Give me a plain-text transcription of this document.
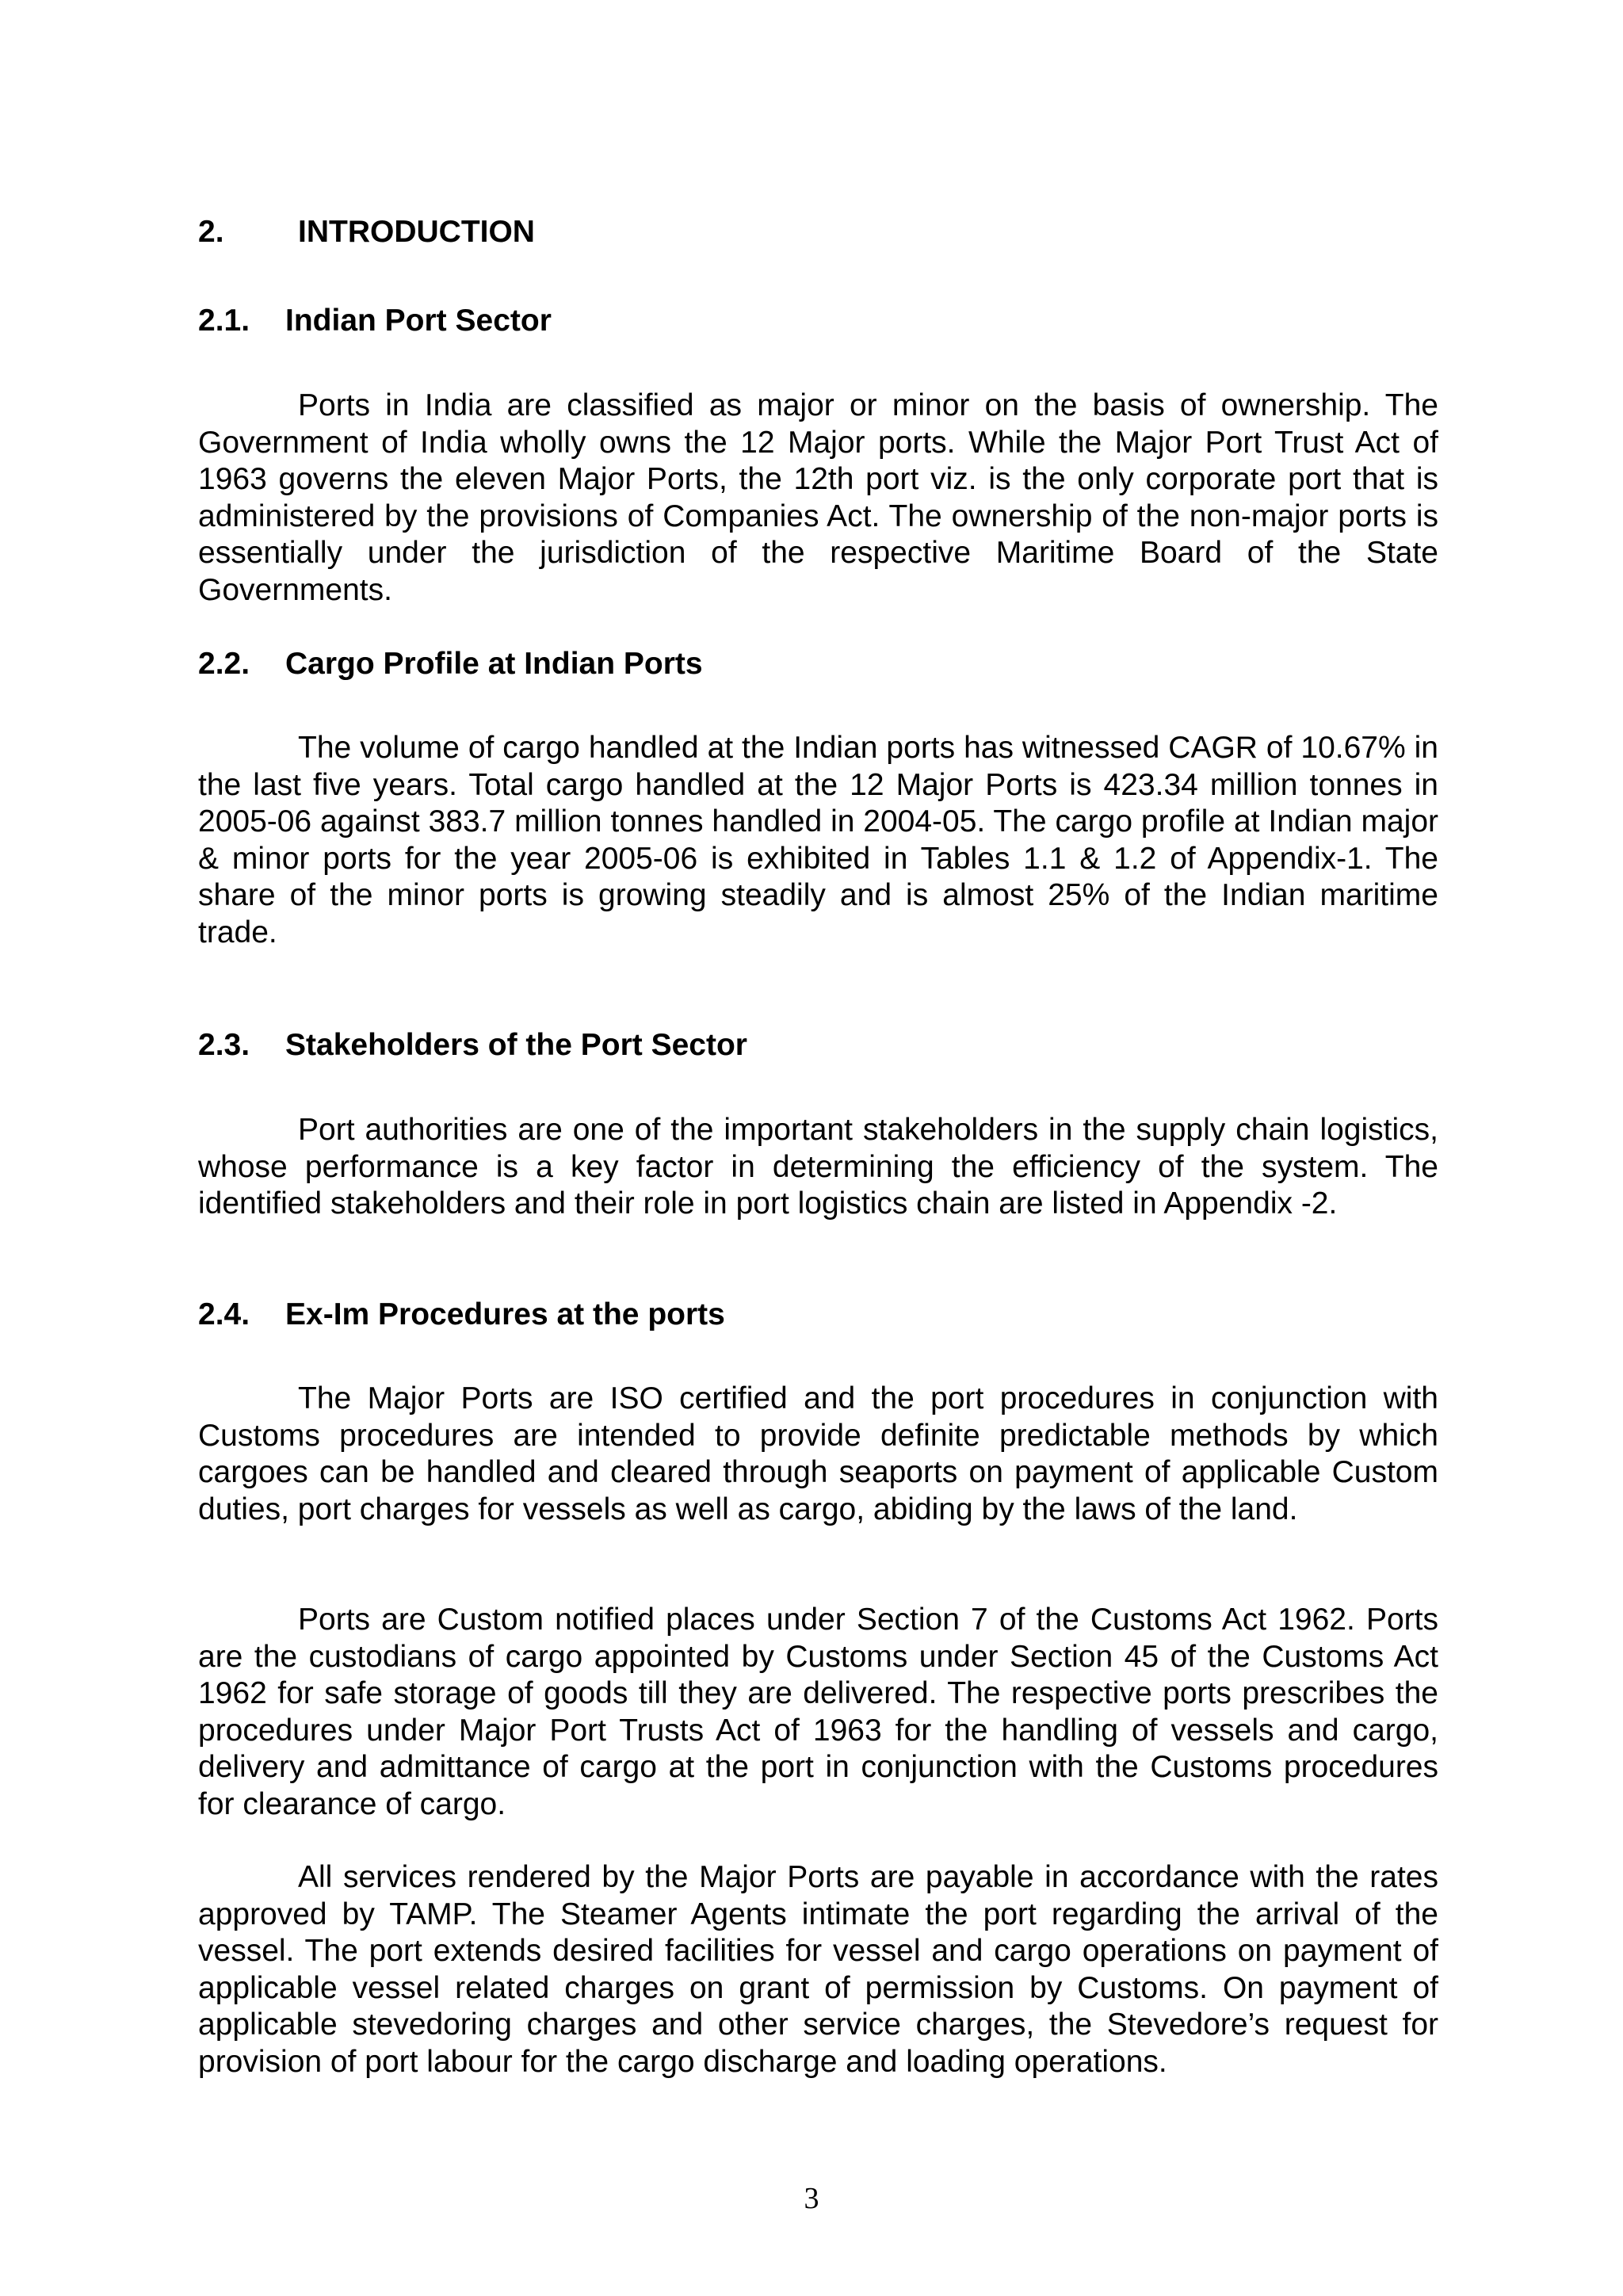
2. INTRODUCTION
2.1. Indian Port Sector

Ports in India are classified as major or minor on the basis of ownership. The Government of India wholly owns the 12 Major ports. While the Major Port Trust Act of 1963 governs the eleven Major Ports, the 12th port viz. is the only corporate port that is administered by the provisions of Companies Act. The ownership of the non-major ports is essentially under the jurisdiction of the respective Maritime Board of the State Governments.

2.2. Cargo Profile at Indian Ports

The volume of cargo handled at the Indian ports has witnessed CAGR of 10.67% in the last five years. Total cargo handled at the 12 Major Ports is 423.34 million tonnes in 2005-06 against 383.7 million tonnes handled in 2004-05. The cargo profile at Indian major & minor ports for the year 2005-06 is exhibited in Tables 1.1 & 1.2 of Appendix-1. The share of the minor ports is growing steadily and is almost 25% of the Indian maritime trade.

2.3. Stakeholders of the Port Sector

Port authorities are one of the important stakeholders in the supply chain logistics, whose performance is a key factor in determining the efficiency of the system. The identified stakeholders and their role in port logistics chain are listed in Appendix -2.

2.4. Ex-Im Procedures at the ports

The Major Ports are ISO certified and the port procedures in conjunction with Customs procedures are intended to provide definite predictable methods by which cargoes can be handled and cleared through seaports on payment of applicable Custom duties, port charges for vessels as well as cargo, abiding by the laws of the land.

Ports are Custom notified places under Section 7 of the Customs Act 1962. Ports are the custodians of cargo appointed by Customs under Section 45 of the Customs Act 1962 for safe storage of goods till they are delivered. The respective ports prescribes the procedures under Major Port Trusts Act of 1963 for the handling of vessels and cargo, delivery and admittance of cargo at the port in conjunction with the Customs procedures for clearance of cargo.

All services rendered by the Major Ports are payable in accordance with the rates approved by TAMP. The Steamer Agents intimate the port regarding the arrival of the vessel. The port extends desired facilities for vessel and cargo operations on payment of applicable vessel related charges on grant of permission by Customs. On payment of applicable stevedoring charges and other service charges, the Stevedore’s request for provision of port labour for the cargo discharge and loading operations.

3
